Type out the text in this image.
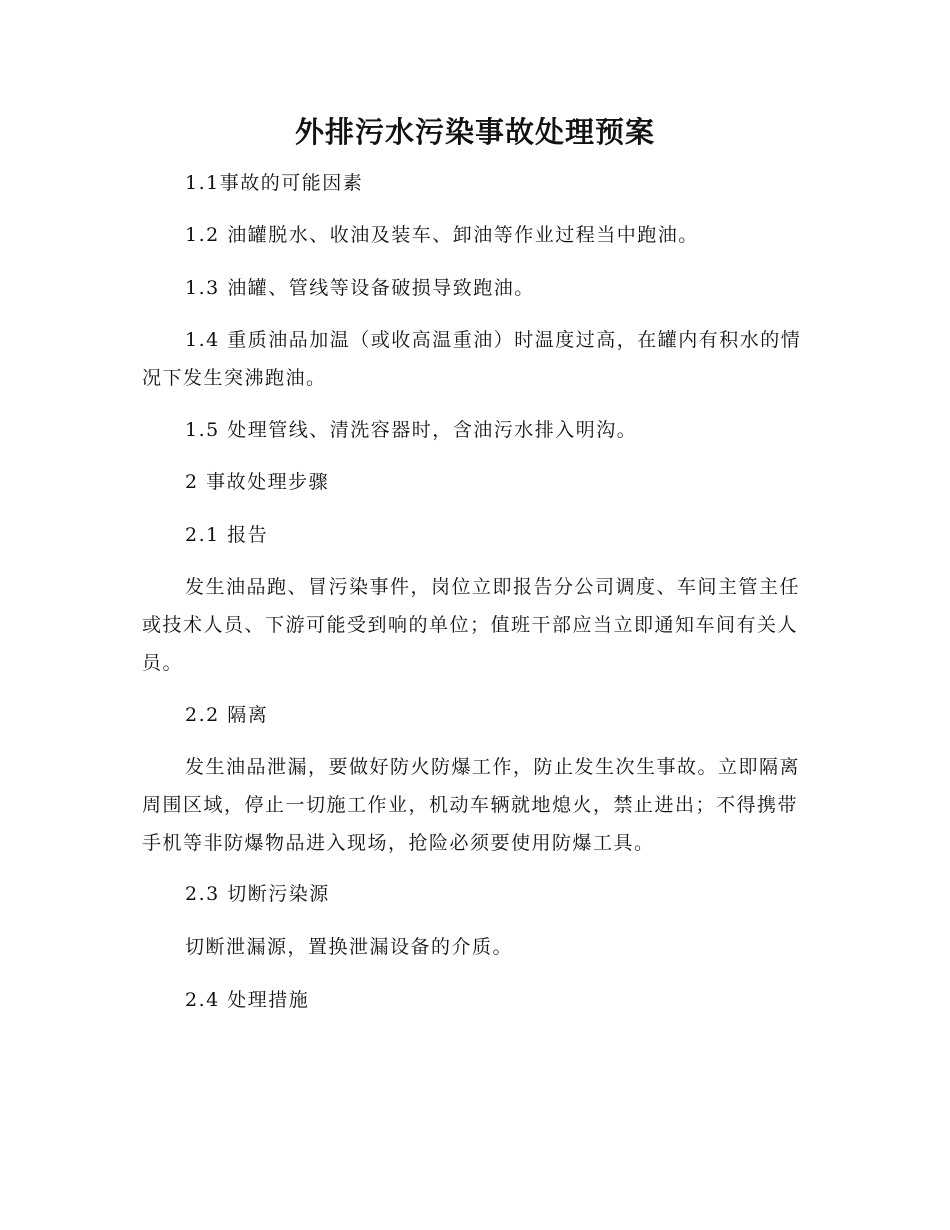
外排污水污染事故处理预案

1.1事故的可能因素

1.2 油罐脱水、收油及装车、卸油等作业过程当中跑油。

1.3 油罐、管线等设备破损导致跑油。

1.4 重质油品加温（或收高温重油）时温度过高，在罐内有积水的情况下发生突沸跑油。

1.5 处理管线、清洗容器时，含油污水排入明沟。

2 事故处理步骤

2.1 报告

发生油品跑、冒污染事件，岗位立即报告分公司调度、车间主管主任或技术人员、下游可能受到响的单位；值班干部应当立即通知车间有关人员。

2.2 隔离

发生油品泄漏，要做好防火防爆工作，防止发生次生事故。立即隔离周围区域，停止一切施工作业，机动车辆就地熄火，禁止进出；不得携带手机等非防爆物品进入现场，抢险必须要使用防爆工具。

2.3 切断污染源

切断泄漏源，置换泄漏设备的介质。

2.4 处理措施
